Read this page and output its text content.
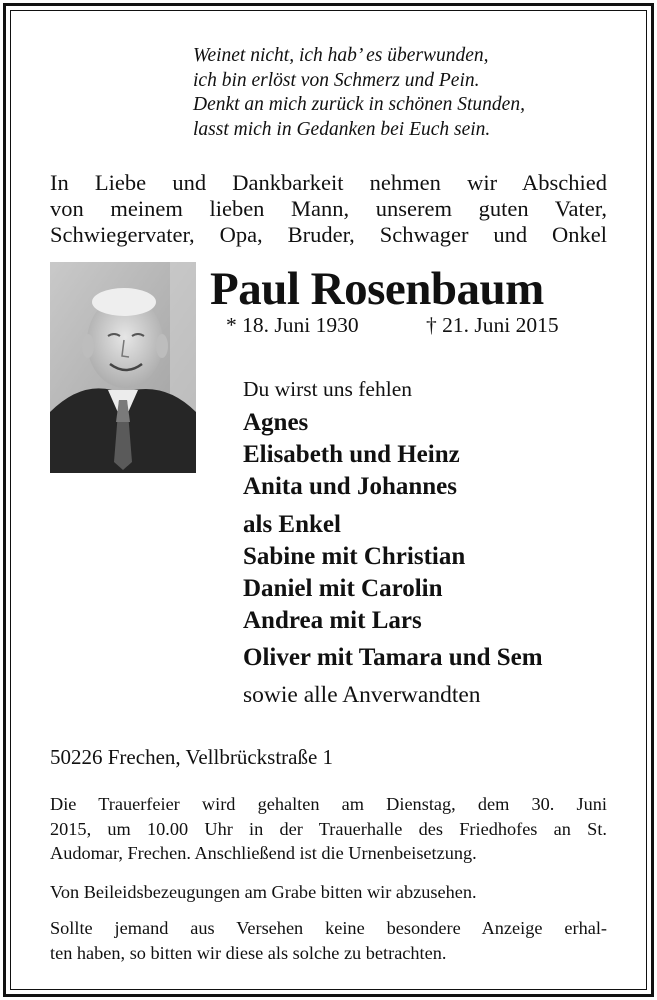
Weinet nicht, ich hab’ es überwunden,
ich bin erlöst von Schmerz und Pein.
Denkt an mich zurück in schönen Stunden,
lasst mich in Gedanken bei Euch sein.
In Liebe und Dankbarkeit nehmen wir Abschied
von meinem lieben Mann, unserem guten Vater,
Schwiegervater, Opa, Bruder, Schwager und Onkel
Paul Rosenbaum
* 18. Juni 1930	† 21. Juni 2015
Du wirst uns fehlen
Agnes
Elisabeth und Heinz
Anita und Johannes
als Enkel
Sabine mit Christian
Daniel mit Carolin
Andrea mit Lars
Oliver mit Tamara und Sem
sowie alle Anverwandten
50226 Frechen, Vellbrückstraße 1
Die Trauerfeier wird gehalten am Dienstag, dem 30. Juni
2015, um 10.00 Uhr in der Trauerhalle des Friedhofes an St.
Audomar, Frechen. Anschließend ist die Urnenbeisetzung.
Von Beileidsbezeugungen am Grabe bitten wir abzusehen.
Sollte jemand aus Versehen keine besondere Anzeige erhal-
ten haben, so bitten wir diese als solche zu betrachten.
